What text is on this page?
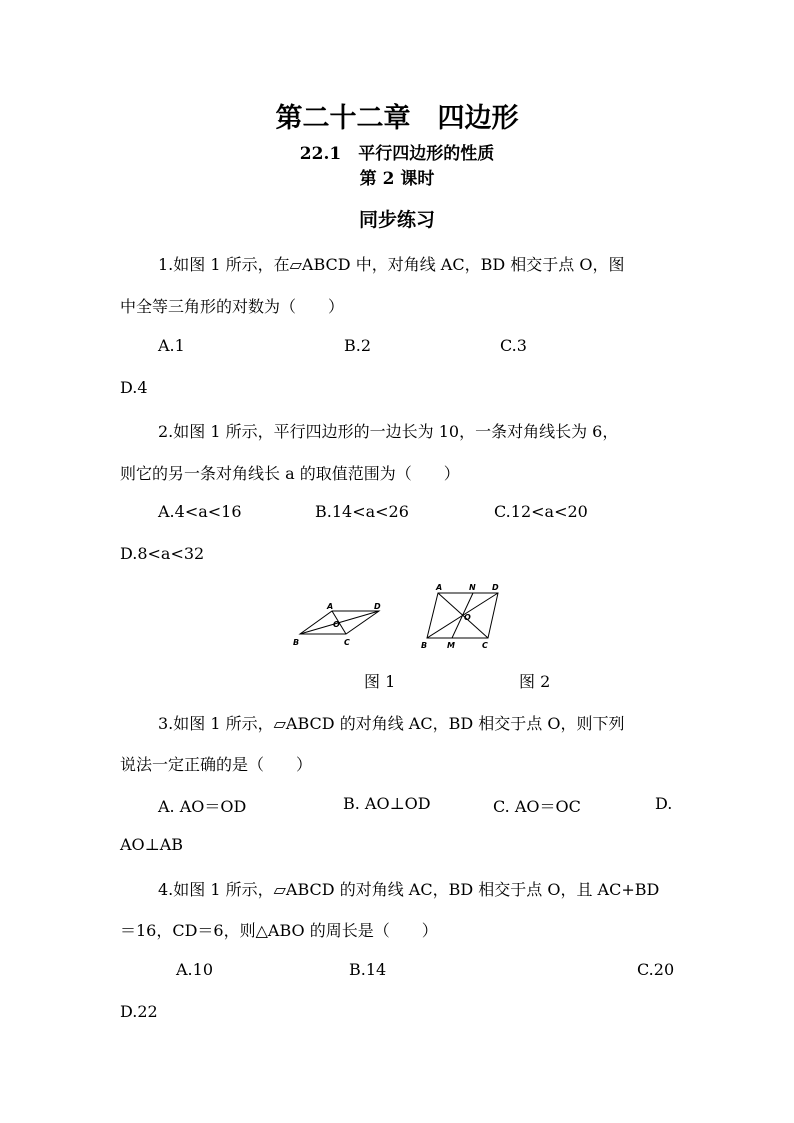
第二十二章　四边形
22.1　平行四边形的性质
第 2 课时
同步练习
1.如图 1 所示，在▱ABCD 中，对角线 AC，BD 相交于点 O，图
中全等三角形的对数为（　　）
A.1	B.2	C.3
D.4
2.如图 1 所示，平行四边形的一边长为 10，一条对角线长为 6，
则它的另一条对角线长 a 的取值范围为（　　）
A.4<a<16	B.14<a<26	C.12<a<20
D.8<a<32
A	D
B	C
O
A	N D
B M	C
O
图 1	图 2
3.如图 1 所示，▱ABCD 的对角线 AC，BD 相交于点 O，则下列
说法一定正确的是（　　）
A. AO＝OD	B. AO⊥OD	C. AO＝OC	D.
AO⊥AB
4.如图 1 所示，▱ABCD 的对角线 AC，BD 相交于点 O，且 AC+BD
＝16，CD＝6，则△ABO 的周长是（　　）
A.10	B.14	C.20
D.22
